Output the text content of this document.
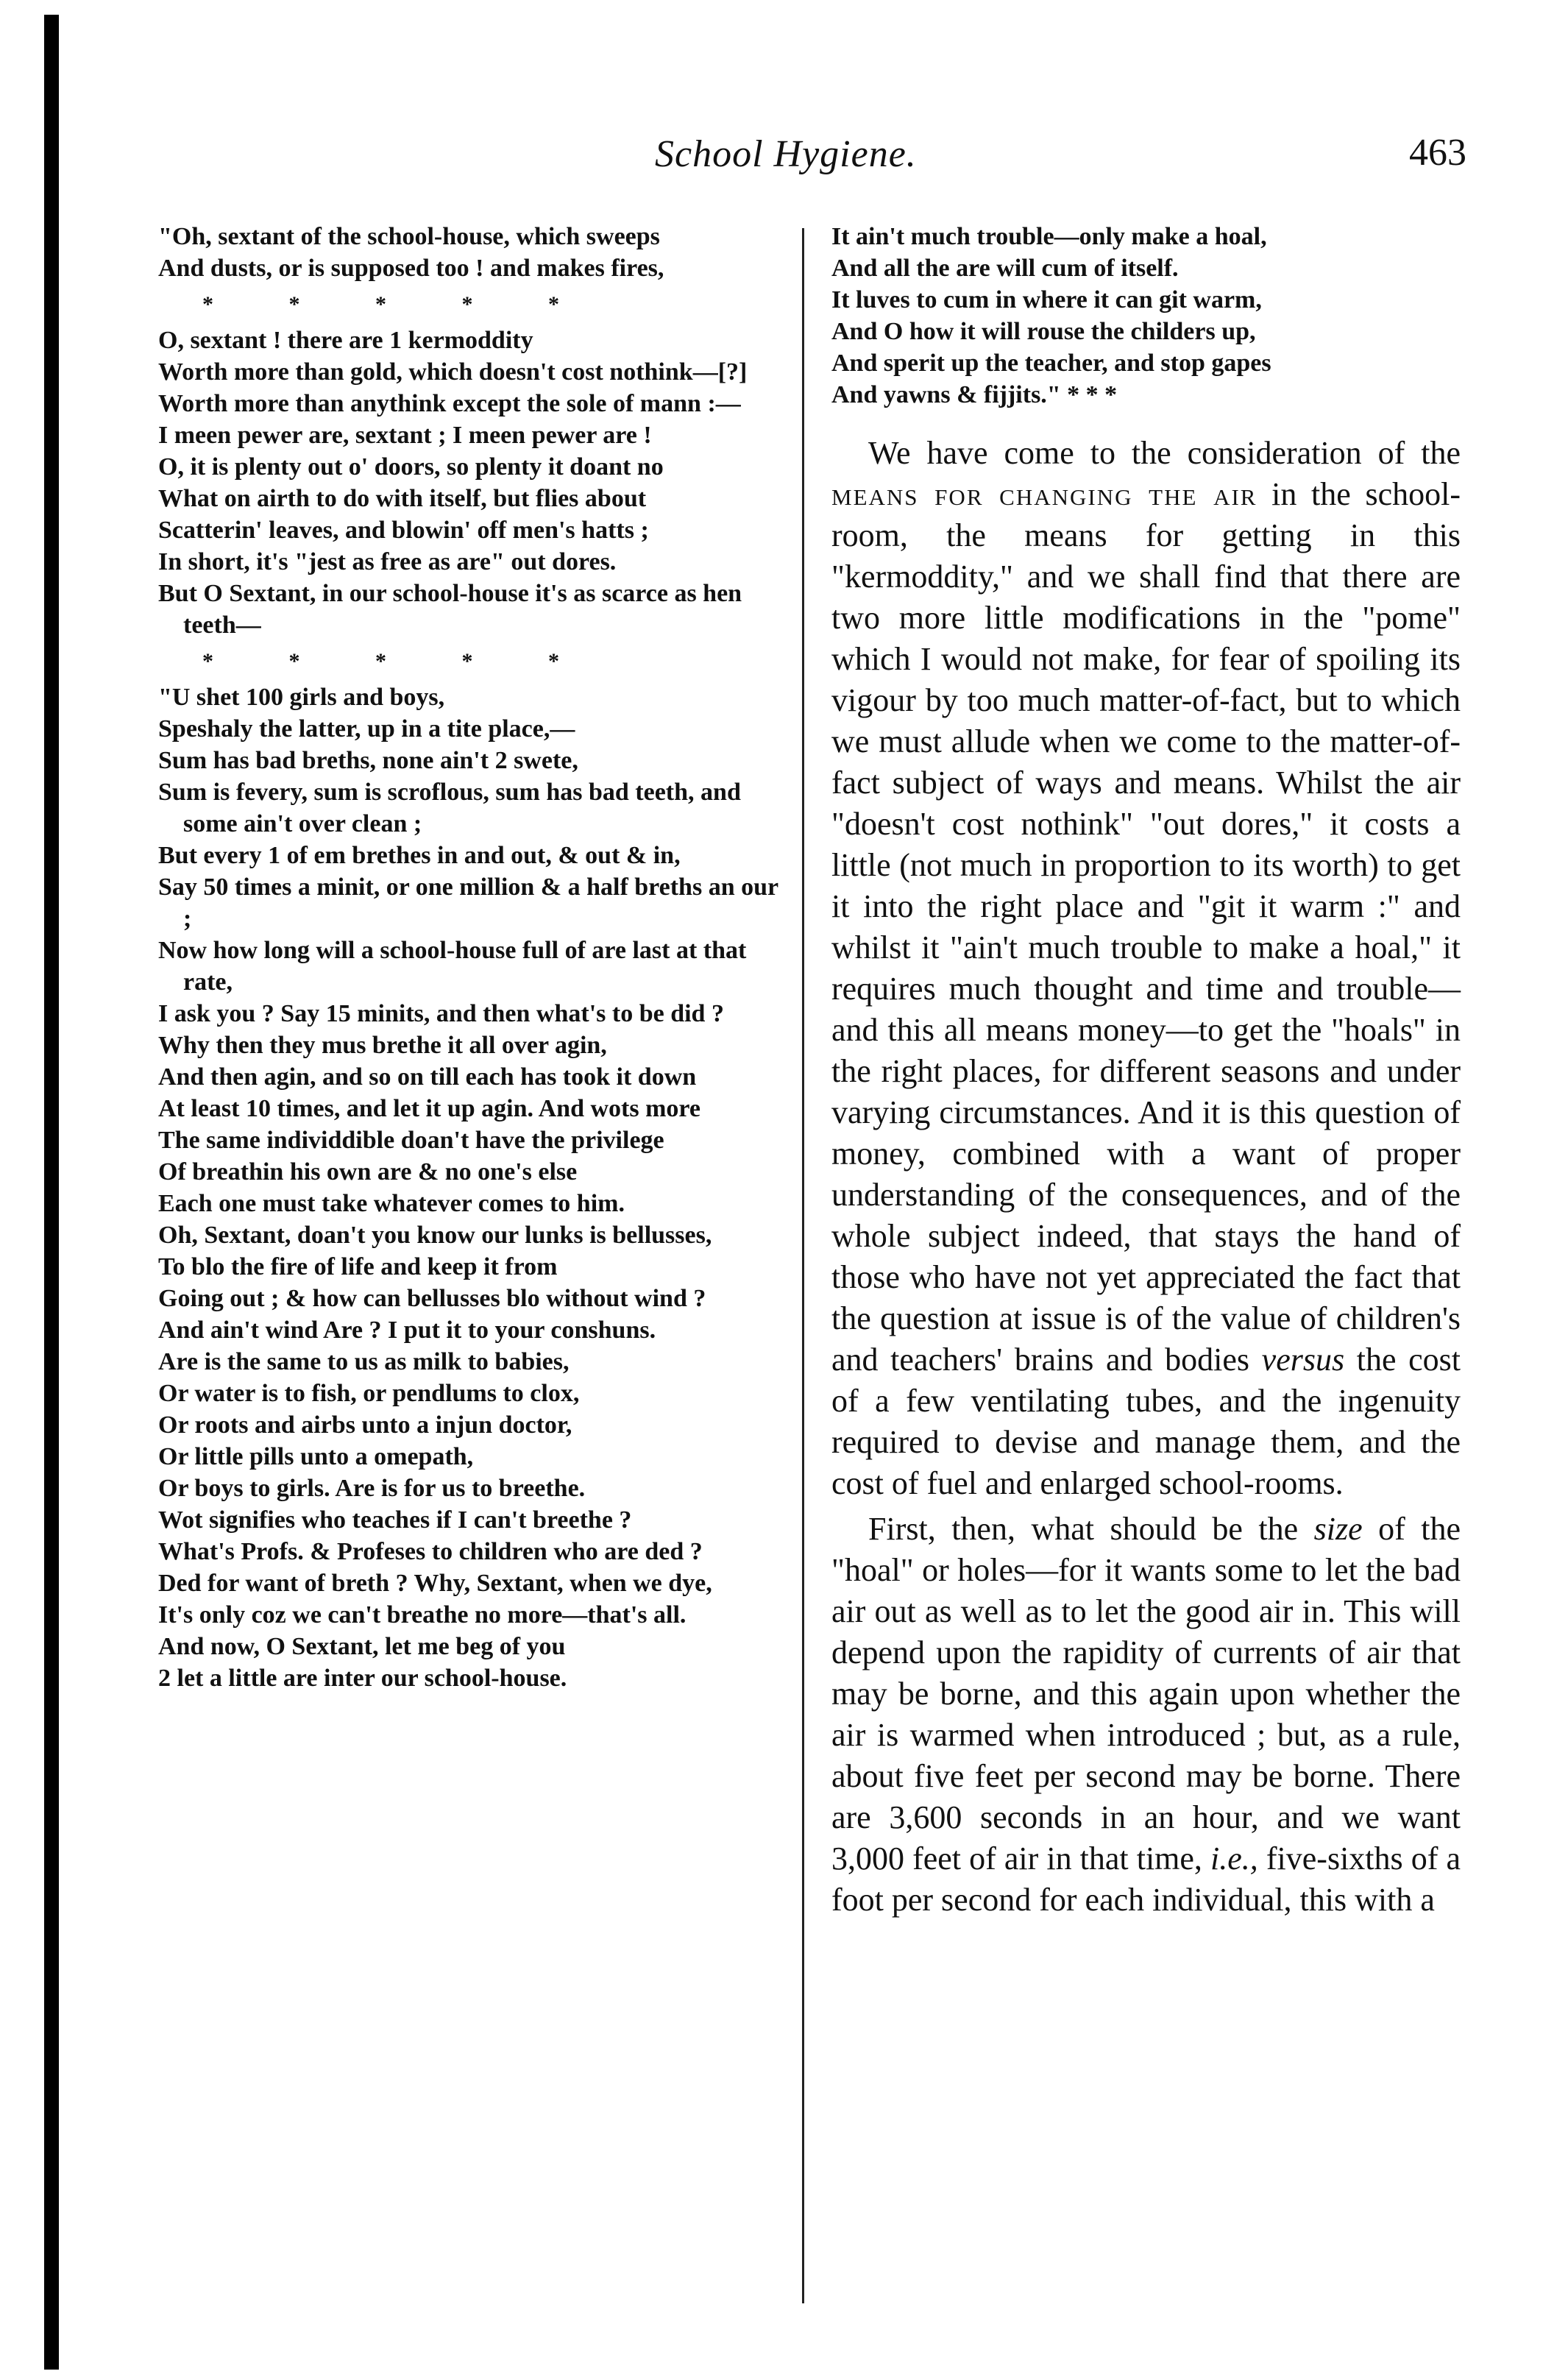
School Hygiene.	463

"Oh, sextant of the school-house, which sweeps

And dusts, or is supposed too ! and makes fires,

* * * * *

O, sextant ! there are 1 kermoddity

Worth more than gold, which doesn't cost nothink—[?]

Worth more than anythink except the sole of mann :—

I meen pewer are, sextant ; I meen pewer are !

O, it is plenty out o' doors, so plenty it doant no

What on airth to do with itself, but flies about

Scatterin' leaves, and blowin' off men's hatts ;

In short, it's "jest as free as are" out dores.

But O Sextant, in our school-house it's as scarce as hen teeth—

* * * * *

"U shet 100 girls and boys,

Speshaly the latter, up in a tite place,—

Sum has bad breths, none ain't 2 swete,

Sum is fevery, sum is scroflous, sum has bad teeth, and some ain't over clean ;

But every 1 of em brethes in and out, & out & in,

Say 50 times a minit, or one million & a half breths an our ;

Now how long will a school-house full of are last at that rate,

I ask you ? Say 15 minits, and then what's to be did ?

Why then they mus brethe it all over agin,

And then agin, and so on till each has took it down

At least 10 times, and let it up agin. And wots more

The same individdible doan't have the privilege

Of breathin his own are & no one's else

Each one must take whatever comes to him.

Oh, Sextant, doan't you know our lunks is bellusses,

To blo the fire of life and keep it from

Going out ; & how can bellusses blo without wind ?

And ain't wind Are ? I put it to your conshuns.

Are is the same to us as milk to babies,

Or water is to fish, or pendlums to clox,

Or roots and airbs unto a injun doctor,

Or little pills unto a omepath,

Or boys to girls. Are is for us to breethe.

Wot signifies who teaches if I can't breethe ?

What's Profs. & Profeses to children who are ded ?

Ded for want of breth ? Why, Sextant, when we dye,

It's only coz we can't breathe no more—that's all.

And now, O Sextant, let me beg of you

2 let a little are inter our school-house.

It ain't much trouble—only make a hoal,

And all the are will cum of itself.

It luves to cum in where it can git warm,

And O how it will rouse the childers up,

And sperit up the teacher, and stop gapes

And yawns & fijjits." * * *

We have come to the consideration of the means for changing the air in the school-room, the means for getting in this "kermoddity," and we shall find that there are two more little modifications in the "pome" which I would not make, for fear of spoiling its vigour by too much matter-of-fact, but to which we must allude when we come to the matter-of-fact subject of ways and means. Whilst the air "doesn't cost nothink" "out dores," it costs a little (not much in proportion to its worth) to get it into the right place and "git it warm :" and whilst it "ain't much trouble to make a hoal," it requires much thought and time and trouble—and this all means money—to get the "hoals" in the right places, for different seasons and under varying circumstances. And it is this question of money, combined with a want of proper understanding of the consequences, and of the whole subject indeed, that stays the hand of those who have not yet appreciated the fact that the question at issue is of the value of children's and teachers' brains and bodies versus the cost of a few ventilating tubes, and the ingenuity required to devise and manage them, and the cost of fuel and enlarged school-rooms.

First, then, what should be the size of the "hoal" or holes—for it wants some to let the bad air out as well as to let the good air in. This will depend upon the rapidity of currents of air that may be borne, and this again upon whether the air is warmed when introduced ; but, as a rule, about five feet per second may be borne. There are 3,600 seconds in an hour, and we want 3,000 feet of air in that time, i.e., five-sixths of a foot per second for each individual, this with a
